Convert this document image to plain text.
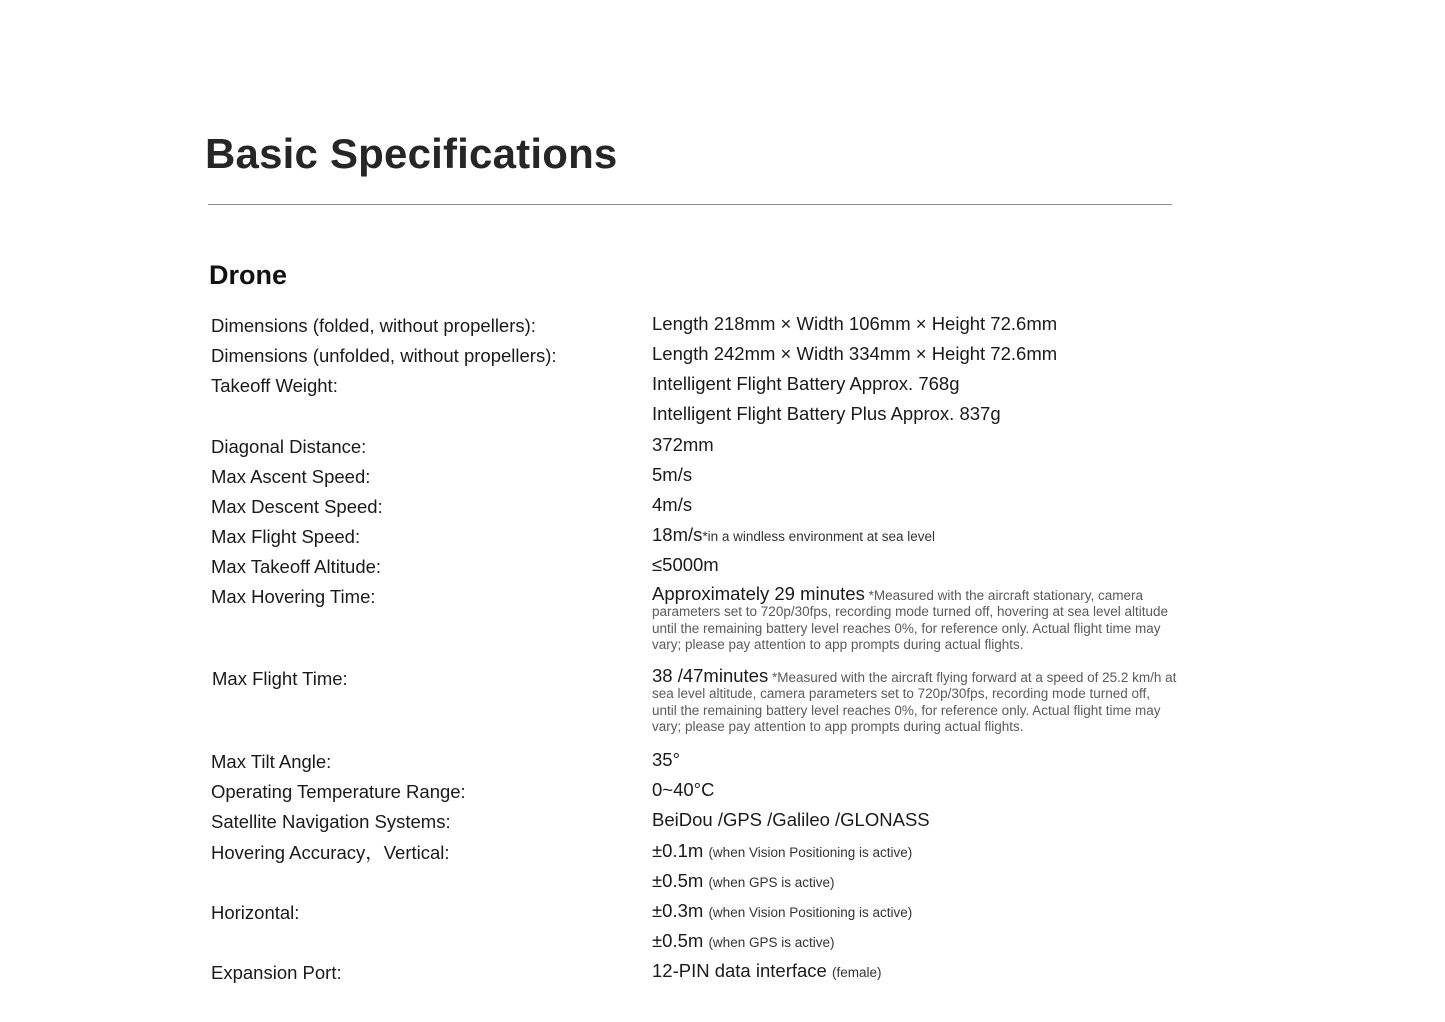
Basic Specifications
Drone
Dimensions (folded, without propellers):
Dimensions (unfolded, without propellers):
Takeoff Weight:
Diagonal Distance:
Max Ascent Speed:
Max Descent Speed:
Max Flight Speed:
Max Takeoff Altitude:
Max Hovering Time:
Max Flight Time:
Max Tilt Angle:
Operating Temperature Range:
Satellite Navigation Systems:
Hovering Accuracy，Vertical:
Horizontal:
Expansion Port:
Length 218mm × Width 106mm × Height 72.6mm
Length 242mm × Width 334mm × Height 72.6mm
Intelligent Flight Battery Approx. 768g
Intelligent Flight Battery Plus Approx. 837g
372mm
5m/s
4m/s
18m/s*in a windless environment at sea level
≤5000m
Approximately 29 minutes *Measured with the aircraft stationary, camera parameters set to 720p/30fps, recording mode turned off, hovering at sea level altitude until the remaining battery level reaches 0%, for reference only. Actual flight time may vary; please pay attention to app prompts during actual flights.
38 /47minutes *Measured with the aircraft flying forward at a speed of 25.2 km/h at sea level altitude, camera parameters set to 720p/30fps, recording mode turned off, until the remaining battery level reaches 0%, for reference only. Actual flight time may vary; please pay attention to app prompts during actual flights.
35°
0~40°C
BeiDou /GPS /Galileo /GLONASS
±0.1m (when Vision Positioning is active)
±0.5m (when GPS is active)
±0.3m (when Vision Positioning is active)
±0.5m (when GPS is active)
12-PIN data interface (female)
